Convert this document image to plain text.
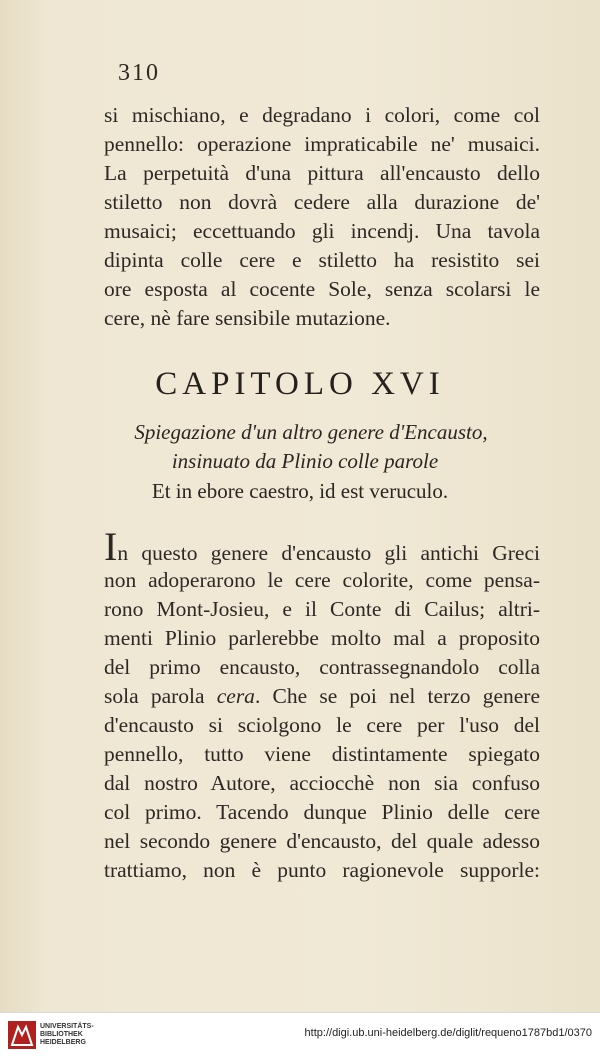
310
si mischiano, e degradano i colori, come col
pennello: operazione impraticabile ne' musaici.
La perpetuità d'una pittura all'encausto dello
stiletto non dovrà cedere alla durazione de'
musaici; eccettuando gli incendj. Una tavola
dipinta colle cere e stiletto ha resistito sei
ore esposta al cocente Sole, senza scolarsi le
cere, nè fare sensibile mutazione.
CAPITOLO XVI
Spiegazione d'un altro genere d'Encausto,
insinuato da Plinio colle parole
Et in ebore caestro, id est veruculo.
In questo genere d'encausto gli antichi Greci
non adoperarono le cere colorite, come pensa-
rono Mont-Josieu, e il Conte di Cailus; altri-
menti Plinio parlerebbe molto mal a proposito
del primo encausto, contrassegnandolo colla
sola parola cera. Che se poi nel terzo genere
d'encausto si sciolgono le cere per l'uso del
pennello, tutto viene distintamente spiegato
dal nostro Autore, acciocchè non sia confuso
col primo. Tacendo dunque Plinio delle cere
nel secondo genere d'encausto, del quale adesso
trattiamo, non è punto ragionevole supporle:
UNIVERSITÄTS-
BIBLIOTHEK
HEIDELBERG
http://digi.ub.uni-heidelberg.de/diglit/requeno1787bd1/0370
